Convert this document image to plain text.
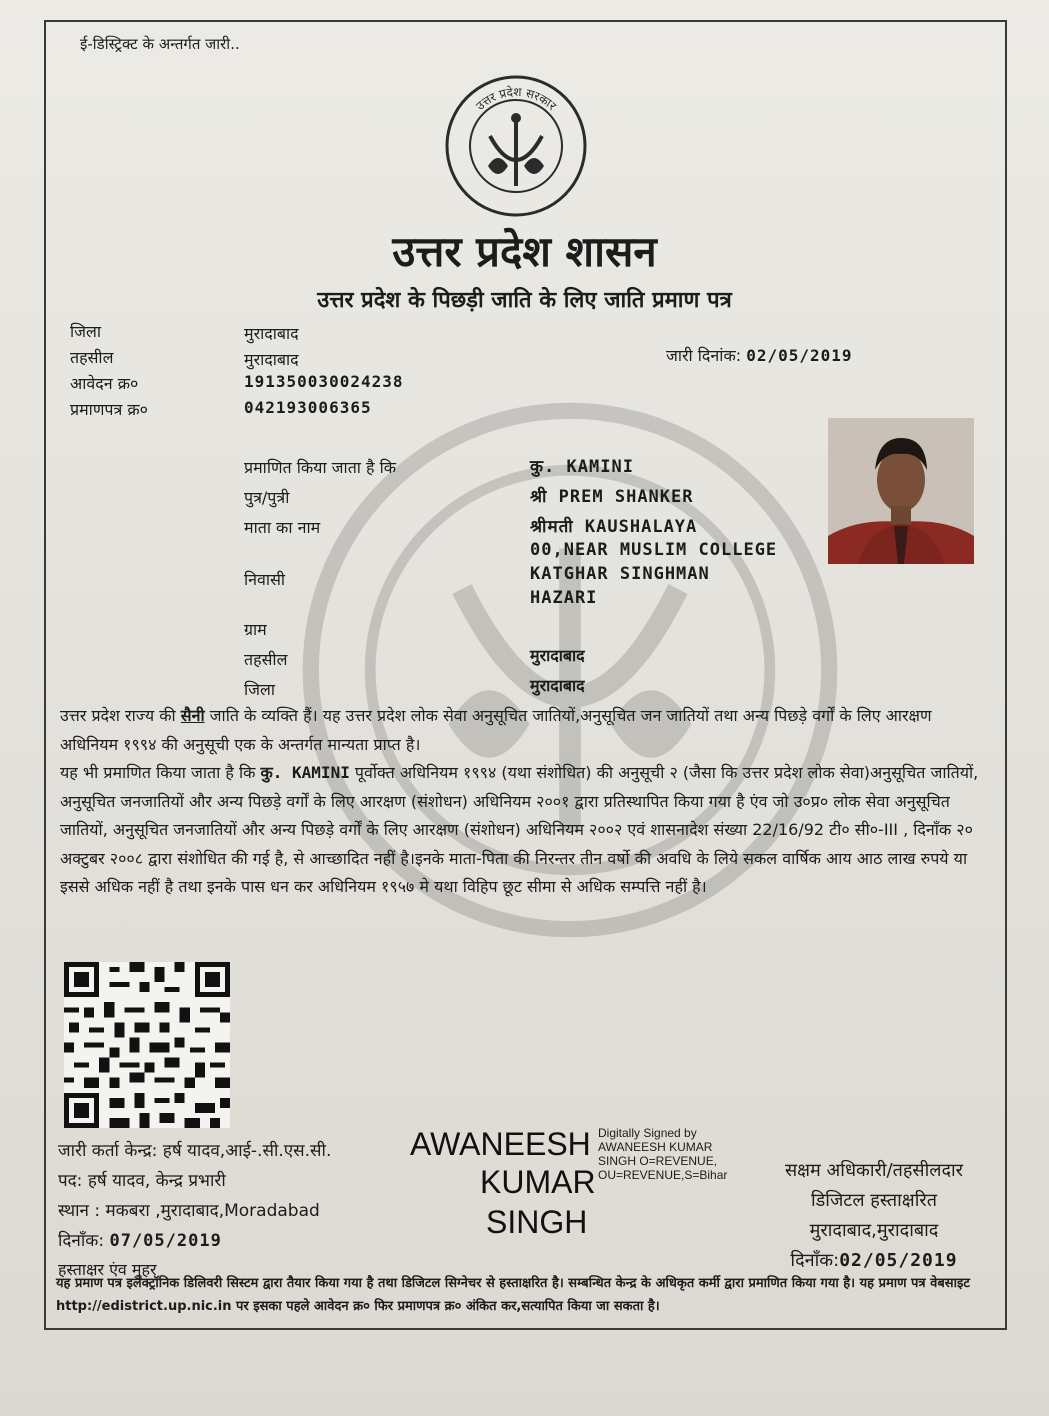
ई-डिस्ट्रिक्ट के अन्तर्गत जारी..
उत्तर प्रदेश सरकार
उत्तर प्रदेश शासन
उत्तर प्रदेश के पिछड़ी जाति के लिए जाति प्रमाण पत्र
जिला	मुरादाबाद
तहसील	मुरादाबाद
आवेदन क्र०	191350030024238
प्रमाणपत्र क्र०	042193006365
जारी दिनांक: 02/05/2019
प्रमाणित किया जाता है कि	कु. KAMINI
पुत्र/पुत्री	श्री PREM SHANKER
माता का नाम	श्रीमती KAUSHALAYA
00,NEAR MUSLIM COLLEGE
निवासी	KATGHAR SINGHMAN
HAZARI
ग्राम
तहसील	मुरादाबाद
जिला	मुरादाबाद
उत्तर प्रदेश राज्य की सैनी जाति के व्यक्ति हैं। यह उत्तर प्रदेश लोक सेवा अनुसूचित जातियों,अनुसूचित जन जातियों तथा अन्य पिछड़े वर्गों के लिए आरक्षण अधिनियम १९९४ की अनुसूची एक के अन्तर्गत मान्यता प्राप्त है।
यह भी प्रमाणित किया जाता है कि कु. KAMINI पूर्वोक्त अधिनियम १९९४ (यथा संशोधित) की अनुसूची २ (जैसा कि उत्तर प्रदेश लोक सेवा)अनुसूचित जातियों, अनुसूचित जनजातियों और अन्य पिछड़े वर्गों के लिए आरक्षण (संशोधन) अधिनियम २००१ द्वारा प्रतिस्थापित किया गया है एंव जो उ०प्र० लोक सेवा अनुसूचित जातियों, अनुसूचित जनजातियों और अन्य पिछड़े वर्गों के लिए आरक्षण (संशोधन) अधिनियम २००२ एवं शासनादेश संख्या 22/16/92 टी० सी०-III , दिनाँक २० अक्टुबर २००८ द्वारा संशोधित की गई है, से आच्छादित नहीं है।इनके माता-पिता की निरन्तर तीन वर्षो की अवधि के लिये सकल वार्षिक आय आठ लाख रुपये या इससे अधिक नहीं है तथा इनके पास धन कर अधिनियम १९५७ मे यथा विहिप छूट सीमा से अधिक सम्पत्ति नहीं है।
जारी कर्ता केन्द्र: हर्ष यादव,आई-.सी.एस.सी.
पद: हर्ष यादव, केन्द्र प्रभारी
स्थान : मकबरा ,मुरादाबाद,Moradabad
दिनाँक: 07/05/2019
हस्ताक्षर एंव मुहर
AWANEESH
KUMAR
SINGH
Digitally Signed by
AWANEESH KUMAR
SINGH O=REVENUE,
OU=REVENUE,S=Bihar	सक्षम अधिकारी/तहसीलदार
डिजिटल हस्ताक्षरित
मुरादाबाद,मुरादाबाद
दिनाँक:02/05/2019
यह प्रमाण पत्र इलेक्ट्रॉनिक डिलिवरी सिस्टम द्वारा तैयार किया गया है तथा डिजिटल सिग्नेचर से हस्ताक्षरित है। सम्बन्धित केन्द्र के अधिकृत कर्मी द्वारा प्रमाणित किया गया है। यह प्रमाण पत्र वेबसाइट http://edistrict.up.nic.in पर इसका पहले आवेदन क्र० फिर प्रमाणपत्र क्र० अंकित कर,सत्यापित किया जा सकता है।
